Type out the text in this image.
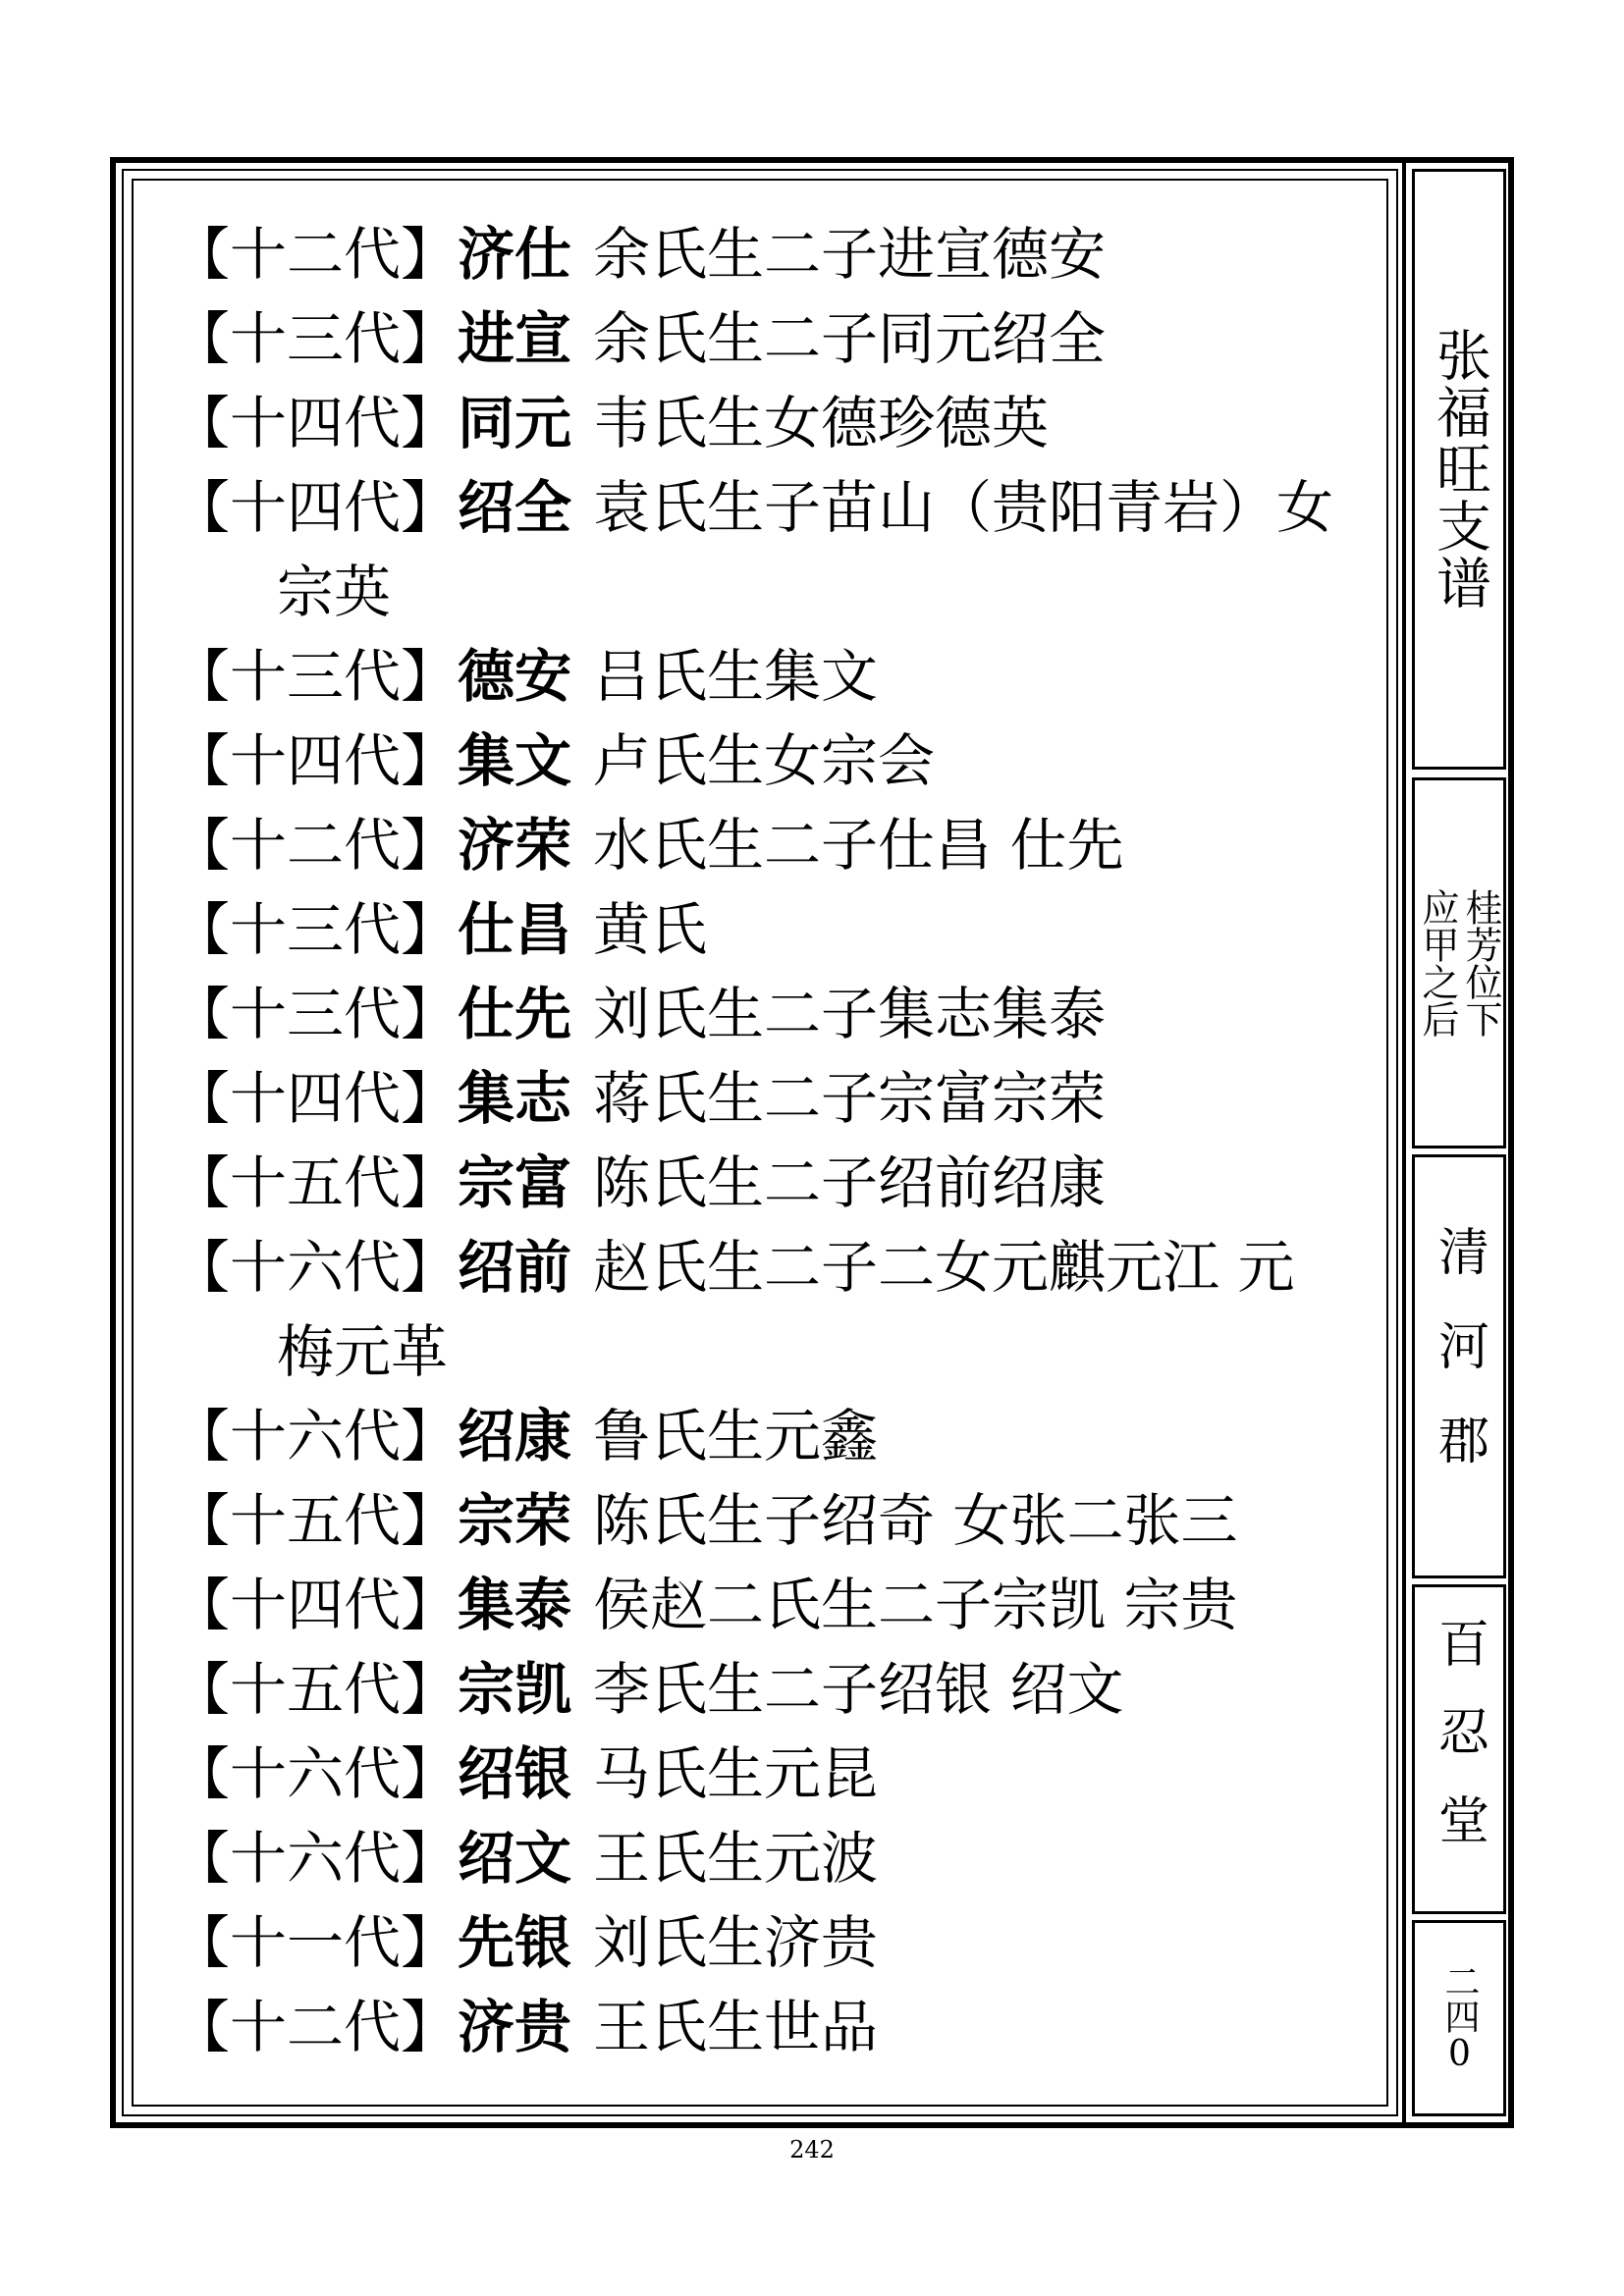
【十二代】济仕 余氏生二子进宣德安
【十三代】进宣 余氏生二子同元绍全
【十四代】同元 韦氏生女德珍德英
【十四代】绍全 袁氏生子苗山（贵阳青岩）女
宗英
【十三代】德安 吕氏生集文
【十四代】集文 卢氏生女宗会
【十二代】济荣 水氏生二子仕昌 仕先
【十三代】仕昌 黄氏
【十三代】仕先 刘氏生二子集志集泰
【十四代】集志 蒋氏生二子宗富宗荣
【十五代】宗富 陈氏生二子绍前绍康
【十六代】绍前 赵氏生二子二女元麒元江 元
梅元革
【十六代】绍康 鲁氏生元鑫
【十五代】宗荣 陈氏生子绍奇 女张二张三
【十四代】集泰 侯赵二氏生二子宗凯 宗贵
【十五代】宗凯 李氏生二子绍银 绍文
【十六代】绍银 马氏生元昆
【十六代】绍文 王氏生元波
【十一代】先银 刘氏生济贵
【十二代】济贵 王氏生世品
张福旺支谱
桂芳位下
应甲之后
清河郡
百忍堂
二四0
242
